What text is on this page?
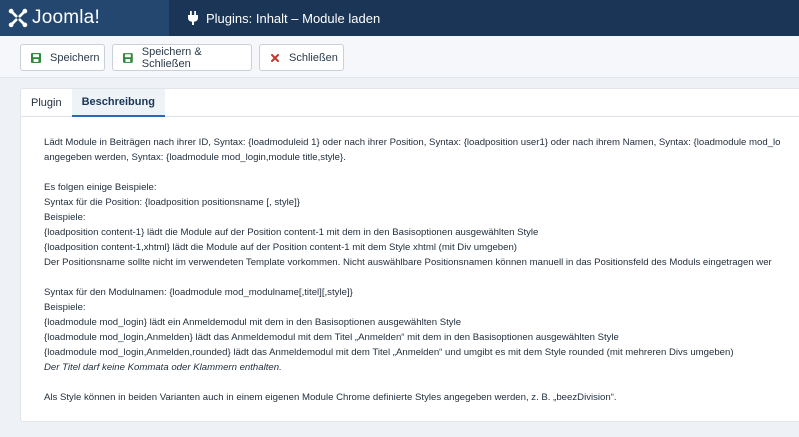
Joomla!	Plugins: Inhalt – Module laden
Speichern	Speichern & Schließen	Schließen
Plugin	Beschreibung

Lädt Module in Beiträgen nach ihrer ID, Syntax: {loadmoduleid 1} oder nach ihrer Position, Syntax: {loadposition user1} oder nach ihrem Namen, Syntax: {loadmodule mod_lo

angegeben werden, Syntax: {loadmodule mod_login,module title,style}.

Es folgen einige Beispiele:

Syntax für die Position: {loadposition positionsname [, style]}

Beispiele:

{loadposition content-1} lädt die Module auf der Position content-1 mit dem in den Basisoptionen ausgewählten Style

{loadposition content-1,xhtml} lädt die Module auf der Position content-1 mit dem Style xhtml (mit Div umgeben)

Der Positionsname sollte nicht im verwendeten Template vorkommen. Nicht auswählbare Positionsnamen können manuell in das Positionsfeld des Moduls eingetragen wer

Syntax für den Modulnamen: {loadmodule mod_modulname[,titel][,style]}

Beispiele:

{loadmodule mod_login} lädt ein Anmeldemodul mit dem in den Basisoptionen ausgewählten Style

{loadmodule mod_login,Anmelden} lädt das Anmeldemodul mit dem Titel „Anmelden“ mit dem in den Basisoptionen ausgewählten Style

{loadmodule mod_login,Anmelden,rounded} lädt das Anmeldemodul mit dem Titel „Anmelden“ und umgibt es mit dem Style rounded (mit mehreren Divs umgeben)

Der Titel darf keine Kommata oder Klammern enthalten.

Als Style können in beiden Varianten auch in einem eigenen Module Chrome definierte Styles angegeben werden, z. B. „beezDivision“.
